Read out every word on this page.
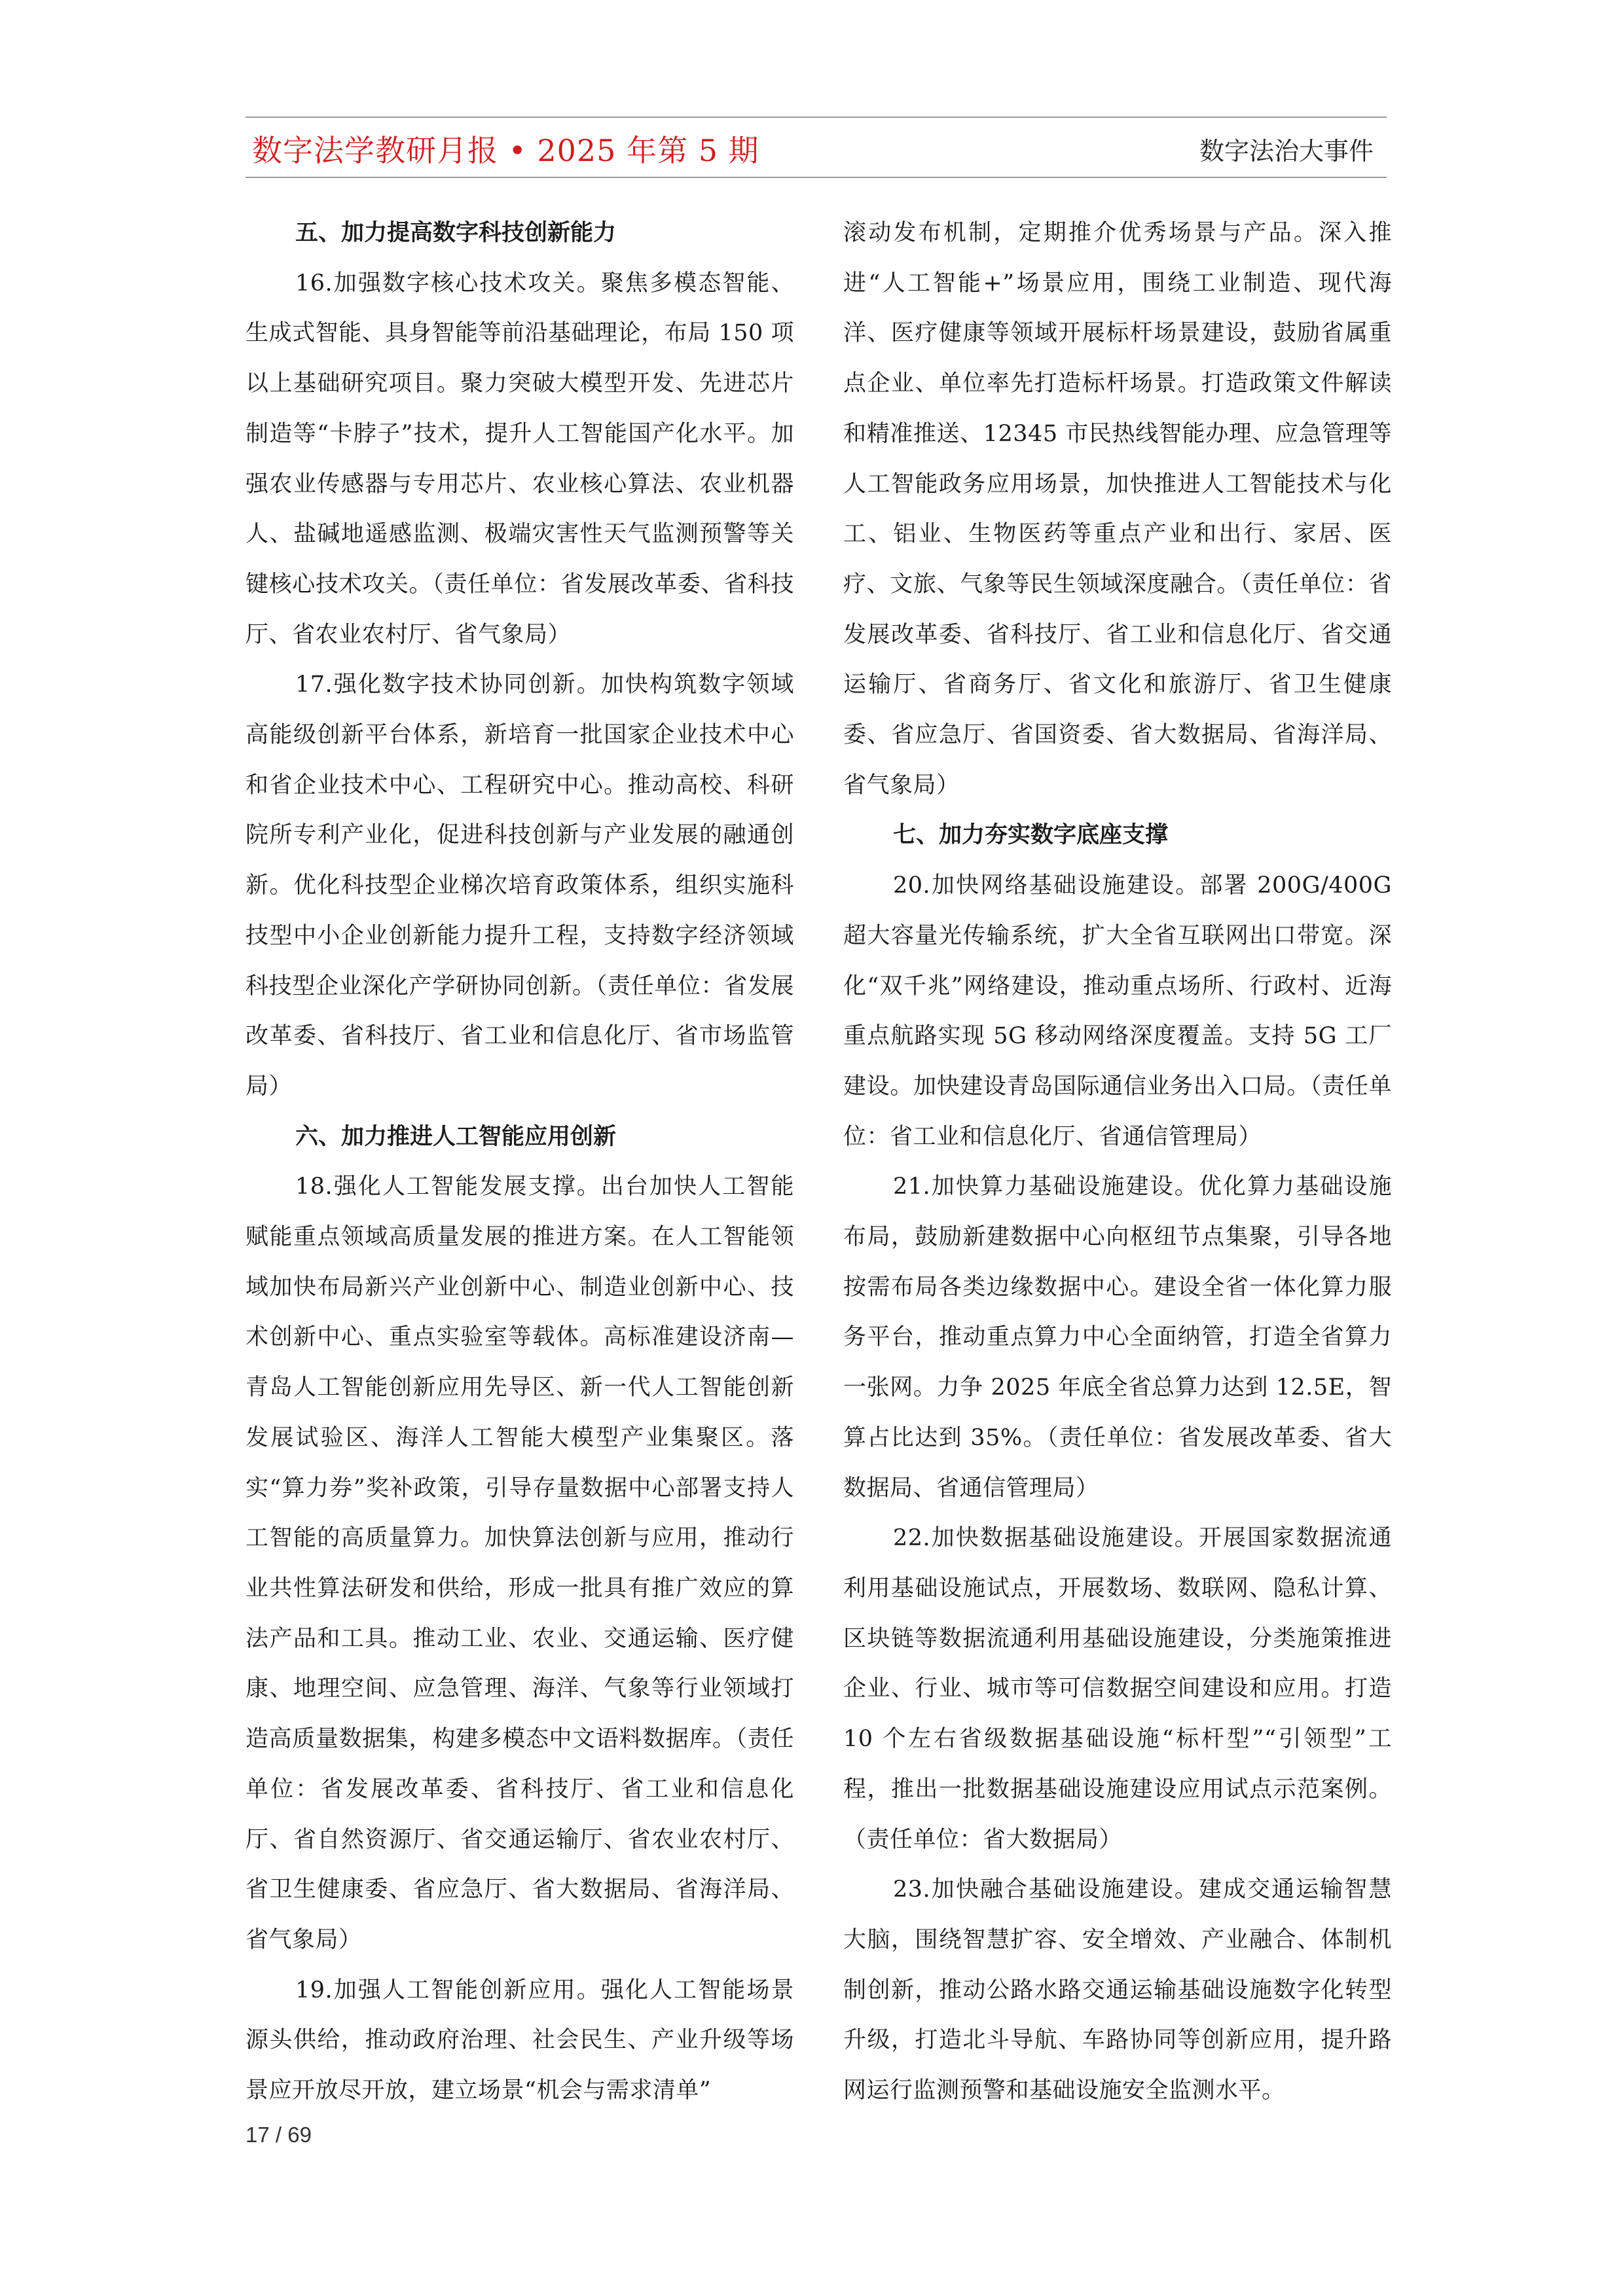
数字法学教研月报 • 2025 年第 5 期	数字法治大事件

五、加力提高数字科技创新能力

16.加强数字核心技术攻关。聚焦多模态智能、生成式智能、具身智能等前沿基础理论，布局 150 项以上基础研究项目。聚力突破大模型开发、先进芯片制造等“卡脖子”技术，提升人工智能国产化水平。加强农业传感器与专用芯片、农业核心算法、农业机器人、盐碱地遥感监测、极端灾害性天气监测预警等关键核心技术攻关。（责任单位：省发展改革委、省科技厅、省农业农村厅、省气象局）

17.强化数字技术协同创新。加快构筑数字领域高能级创新平台体系，新培育一批国家企业技术中心和省企业技术中心、工程研究中心。推动高校、科研院所专利产业化，促进科技创新与产业发展的融通创新。优化科技型企业梯次培育政策体系，组织实施科技型中小企业创新能力提升工程，支持数字经济领域科技型企业深化产学研协同创新。（责任单位：省发展改革委、省科技厅、省工业和信息化厅、省市场监管局）

六、加力推进人工智能应用创新

18.强化人工智能发展支撑。出台加快人工智能赋能重点领域高质量发展的推进方案。在人工智能领域加快布局新兴产业创新中心、制造业创新中心、技术创新中心、重点实验室等载体。高标准建设济南—青岛人工智能创新应用先导区、新一代人工智能创新发展试验区、海洋人工智能大模型产业集聚区。落实“算力券”奖补政策，引导存量数据中心部署支持人工智能的高质量算力。加快算法创新与应用，推动行业共性算法研发和供给，形成一批具有推广效应的算法产品和工具。推动工业、农业、交通运输、医疗健康、地理空间、应急管理、海洋、气象等行业领域打造高质量数据集，构建多模态中文语料数据库。（责任单位：省发展改革委、省科技厅、省工业和信息化厅、省自然资源厅、省交通运输厅、省农业农村厅、省卫生健康委、省应急厅、省大数据局、省海洋局、省气象局）

19.加强人工智能创新应用。强化人工智能场景源头供给，推动政府治理、社会民生、产业升级等场景应开放尽开放，建立场景“机会与需求清单”

滚动发布机制，定期推介优秀场景与产品。深入推进“人工智能+”场景应用，围绕工业制造、现代海洋、医疗健康等领域开展标杆场景建设，鼓励省属重点企业、单位率先打造标杆场景。打造政策文件解读和精准推送、12345 市民热线智能办理、应急管理等人工智能政务应用场景，加快推进人工智能技术与化工、铝业、生物医药等重点产业和出行、家居、医疗、文旅、气象等民生领域深度融合。（责任单位：省发展改革委、省科技厅、省工业和信息化厅、省交通运输厅、省商务厅、省文化和旅游厅、省卫生健康委、省应急厅、省国资委、省大数据局、省海洋局、省气象局）

七、加力夯实数字底座支撑

20.加快网络基础设施建设。部署 200G/400G 超大容量光传输系统，扩大全省互联网出口带宽。深化“双千兆”网络建设，推动重点场所、行政村、近海重点航路实现 5G 移动网络深度覆盖。支持 5G 工厂建设。加快建设青岛国际通信业务出入口局。（责任单位：省工业和信息化厅、省通信管理局）

21.加快算力基础设施建设。优化算力基础设施布局，鼓励新建数据中心向枢纽节点集聚，引导各地按需布局各类边缘数据中心。建设全省一体化算力服务平台，推动重点算力中心全面纳管，打造全省算力一张网。力争 2025 年底全省总算力达到 12.5E，智算占比达到 35%。（责任单位：省发展改革委、省大数据局、省通信管理局）

22.加快数据基础设施建设。开展国家数据流通利用基础设施试点，开展数场、数联网、隐私计算、区块链等数据流通利用基础设施建设，分类施策推进企业、行业、城市等可信数据空间建设和应用。打造 10 个左右省级数据基础设施“标杆型”“引领型”工程，推出一批数据基础设施建设应用试点示范案例。（责任单位：省大数据局）

23.加快融合基础设施建设。建成交通运输智慧大脑，围绕智慧扩容、安全增效、产业融合、体制机制创新，推动公路水路交通运输基础设施数字化转型升级，打造北斗导航、车路协同等创新应用，提升路网运行监测预警和基础设施安全监测水平。

17 / 69
